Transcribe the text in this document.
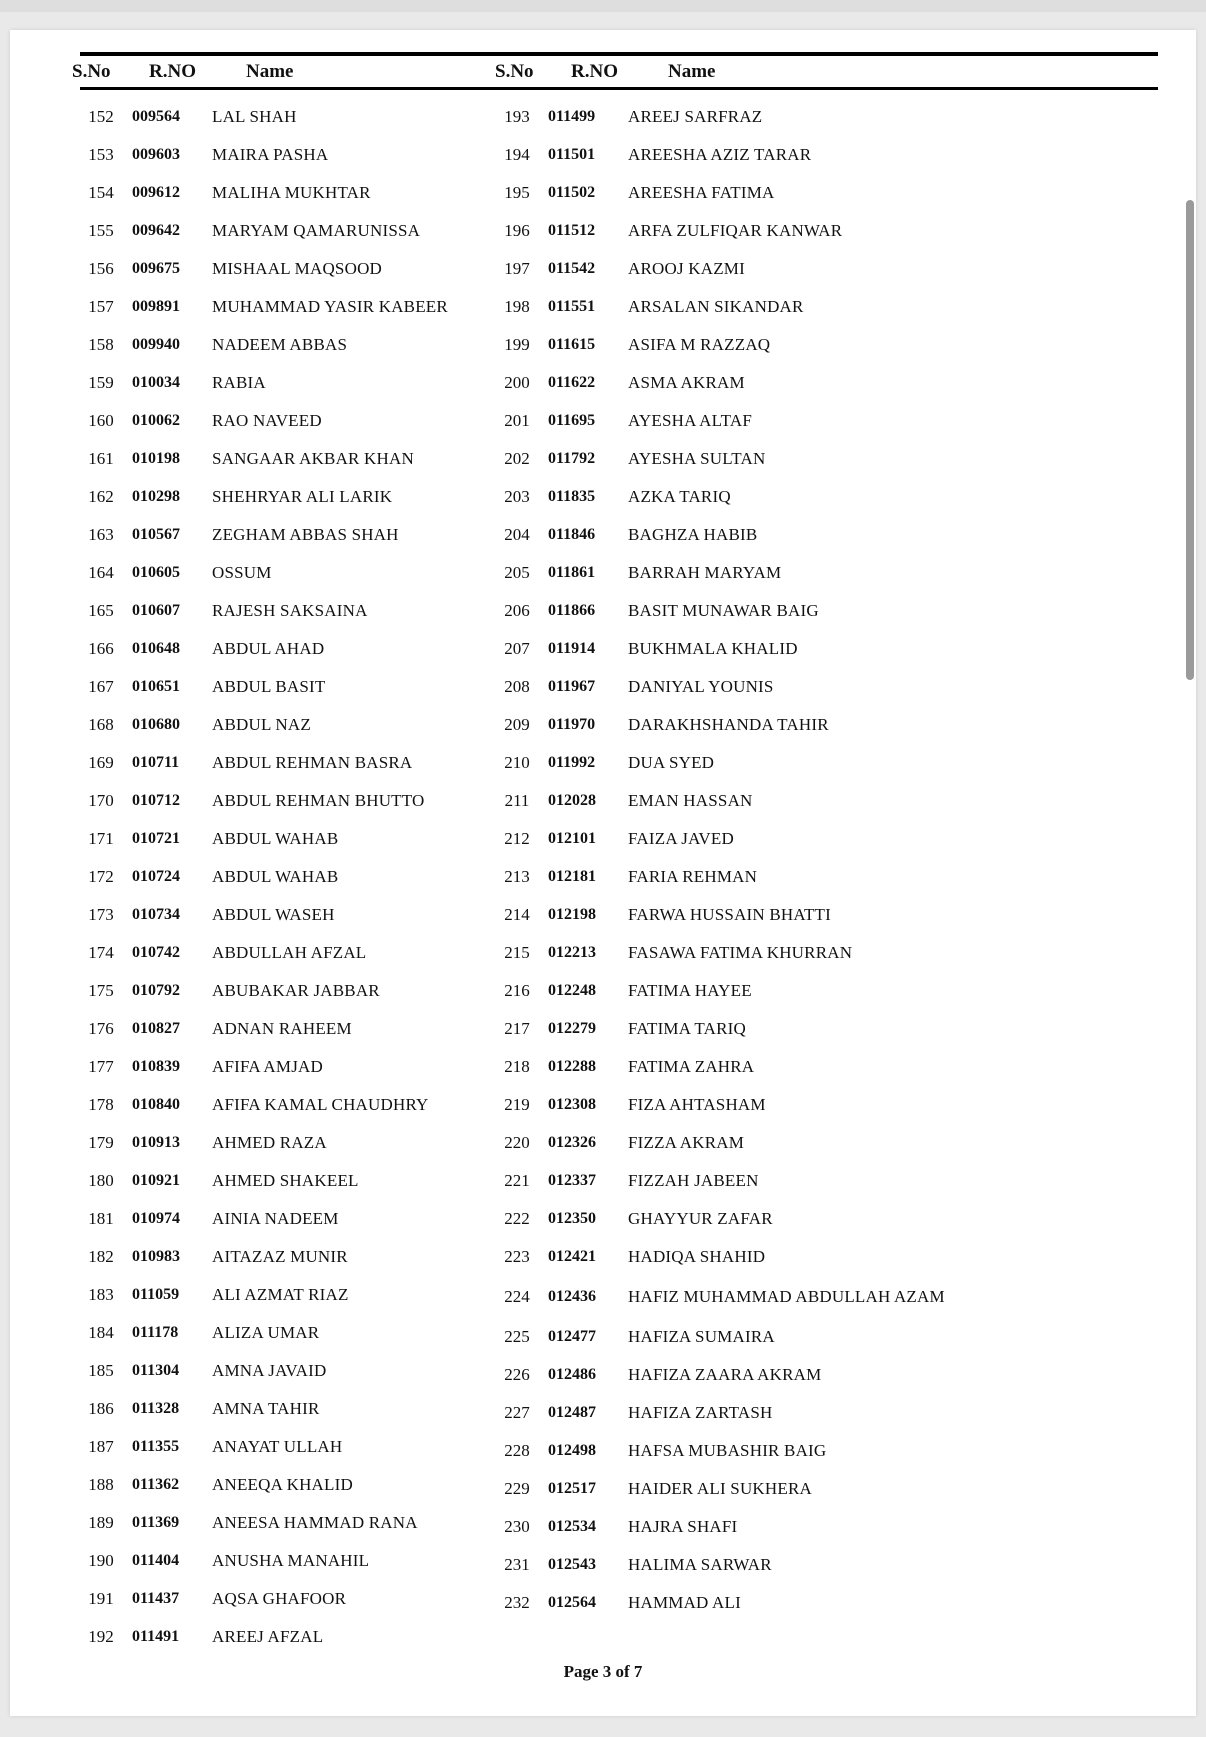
S.No R.NO	Name	S.No R.NO	Name
152	009564	LAL SHAH
153	009603	MAIRA PASHA
154	009612	MALIHA MUKHTAR
155	009642	MARYAM QAMARUNISSA
156	009675	MISHAAL MAQSOOD
157	009891	MUHAMMAD YASIR KABEER
158	009940	NADEEM ABBAS
159	010034	RABIA
160	010062	RAO NAVEED
161	010198	SANGAAR AKBAR KHAN
162	010298	SHEHRYAR ALI LARIK
163	010567	ZEGHAM ABBAS SHAH
164	010605	OSSUM
165	010607	RAJESH SAKSAINA
166	010648	ABDUL AHAD
167	010651	ABDUL BASIT
168	010680	ABDUL NAZ
169	010711	ABDUL REHMAN BASRA
170	010712	ABDUL REHMAN BHUTTO
171	010721	ABDUL WAHAB
172	010724	ABDUL WAHAB
173	010734	ABDUL WASEH
174	010742	ABDULLAH AFZAL
175	010792	ABUBAKAR JABBAR
176	010827	ADNAN RAHEEM
177	010839	AFIFA AMJAD
178	010840	AFIFA KAMAL CHAUDHRY
179	010913	AHMED RAZA
180	010921	AHMED SHAKEEL
181	010974	AINIA NADEEM
182	010983	AITAZAZ MUNIR
183	011059	ALI AZMAT RIAZ
184	011178	ALIZA UMAR
185	011304	AMNA JAVAID
186	011328	AMNA TAHIR
187	011355	ANAYAT ULLAH
188	011362	ANEEQA KHALID
189	011369	ANEESA HAMMAD RANA
190	011404	ANUSHA MANAHIL
191	011437	AQSA GHAFOOR
192	011491	AREEJ AFZAL
193	011499	AREEJ SARFRAZ
194	011501	AREESHA AZIZ TARAR
195	011502	AREESHA FATIMA
196	011512	ARFA ZULFIQAR KANWAR
197	011542	AROOJ KAZMI
198	011551	ARSALAN SIKANDAR
199	011615	ASIFA M RAZZAQ
200	011622	ASMA AKRAM
201	011695	AYESHA ALTAF
202	011792	AYESHA SULTAN
203	011835	AZKA TARIQ
204	011846	BAGHZA HABIB
205	011861	BARRAH MARYAM
206	011866	BASIT MUNAWAR BAIG
207	011914	BUKHMALA KHALID
208	011967	DANIYAL YOUNIS
209	011970	DARAKHSHANDA TAHIR
210	011992	DUA SYED
211	012028	EMAN HASSAN
212	012101	FAIZA JAVED
213	012181	FARIA REHMAN
214	012198	FARWA HUSSAIN BHATTI
215	012213	FASAWA FATIMA KHURRAN
216	012248	FATIMA HAYEE
217	012279	FATIMA TARIQ
218	012288	FATIMA ZAHRA
219	012308	FIZA AHTASHAM
220	012326	FIZZA AKRAM
221	012337	FIZZAH JABEEN
222	012350	GHAYYUR ZAFAR
223	012421	HADIQA SHAHID
224	012436	HAFIZ MUHAMMAD ABDULLAH AZAM
225	012477	HAFIZA SUMAIRA
226	012486	HAFIZA ZAARA AKRAM
227	012487	HAFIZA ZARTASH
228	012498	HAFSA MUBASHIR BAIG
229	012517	HAIDER ALI SUKHERA
230	012534	HAJRA SHAFI
231	012543	HALIMA SARWAR
232	012564	HAMMAD ALI
Page 3 of 7
